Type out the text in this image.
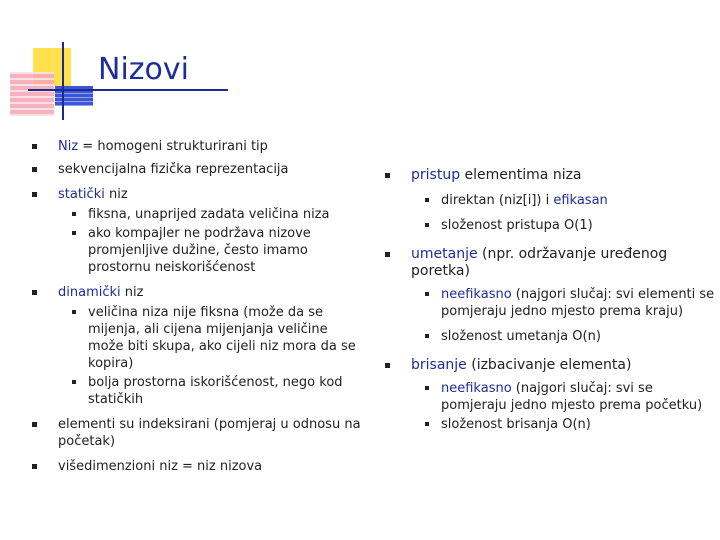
Nizovi
Niz = homogeni strukturirani tip
sekvencijalna fizička reprezentacija
statički niz
fiksna, unaprijed zadata veličina niza
ako kompajler ne podržava nizove promjenljive dužine, često imamo prostornu neiskorišćenost
dinamički niz
veličina niza nije fiksna (može da se mijenja, ali cijena mijenjanja veličine može biti skupa, ako cijeli niz mora da se kopira)
bolja prostorna iskorišćenost, nego kod statičkih
elementi su indeksirani (pomjeraj u odnosu na početak)
višedimenzioni niz = niz nizova
pristup elementima niza
direktan (niz[i]) i efikasan
složenost pristupa O(1)
umetanje (npr. održavanje uređenog poretka)
neefikasno (najgori slučaj: svi elementi se pomjeraju jedno mjesto prema kraju)
složenost umetanja O(n)
brisanje (izbacivanje elementa)
neefikasno (najgori slučaj: svi se pomjeraju jedno mjesto prema početku)
složenost brisanja O(n)
